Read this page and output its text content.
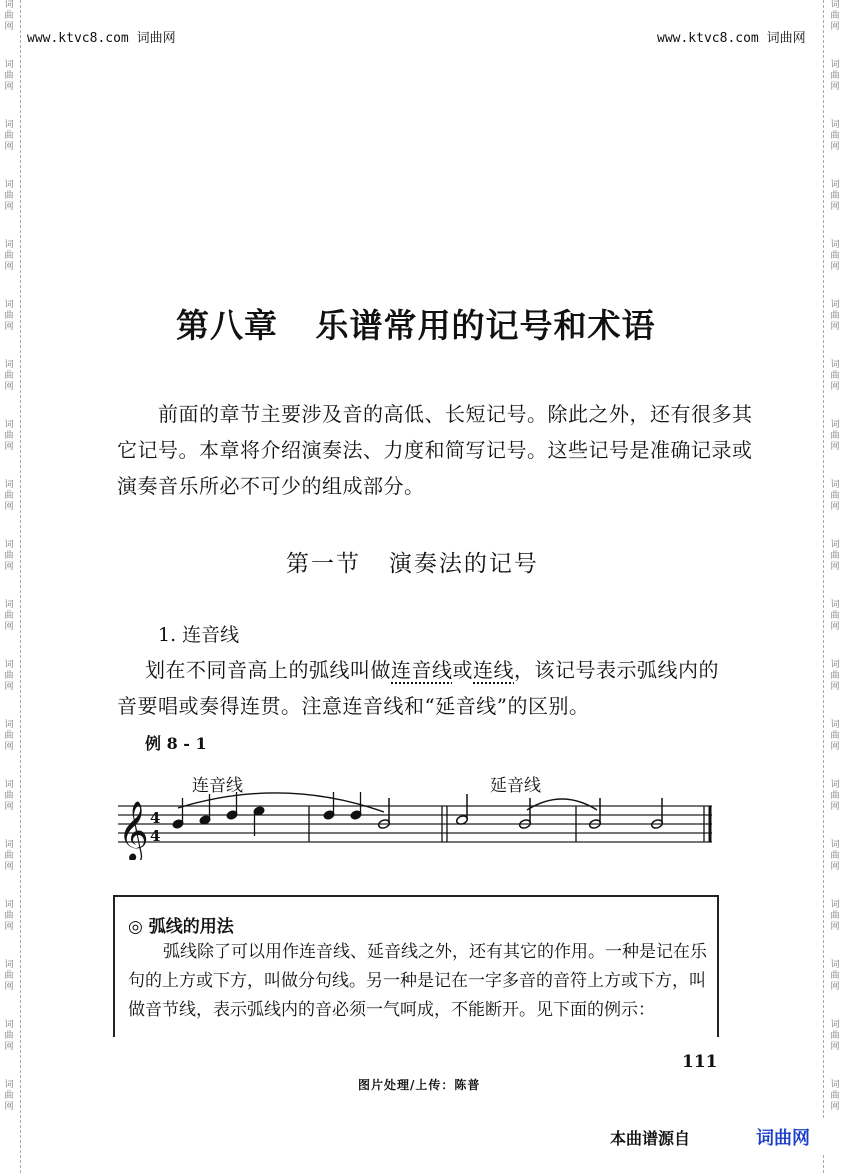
词
曲
网
词
曲
网
词
曲
网
词
曲
网
词
曲
网
词
曲
网
词
曲
网
词
曲
网
词
曲
网
词
曲
网
词
曲
网
词
曲
网
词
曲
网
词
曲
网
词
曲
网
词
曲
网
词
曲
网
词
曲
网
词
曲
网
词
曲
网
词
曲
网
词
曲
网
词
曲
网
词
曲
网
词
曲
网
词
曲
网
词
曲
网
词
曲
网
词
曲
网
词
曲
网
词
曲
网
词
曲
网
词
曲
网
词
曲
网
词
曲
网
词
曲
网
词
曲
网
词
曲
网
www.ktvc8.com 词曲网	www.ktvc8.com 词曲网
第八章   乐谱常用的记号和术语
前面的章节主要涉及音的高低、长短记号。除此之外，还有很多其
它记号。本章将介绍演奏法、力度和简写记号。这些记号是准确记录或
演奏音乐所必不可少的组成部分。
第一节   演奏法的记号
1. 连音线
划在不同音高上的弧线叫做连音线或连线，该记号表示弧线内的
音要唱或奏得连贯。注意连音线和“延音线”的区别。
例 8 - 1
连音线	延音线
𝄞 4
4
◎ 弧线的用法
弧线除了可以用作连音线、延音线之外，还有其它的作用。一种是记在乐
句的上方或下方，叫做分句线。另一种是记在一字多音的音符上方或下方，叫
做音节线，表示弧线内的音必须一气呵成，不能断开。见下面的例示：
111
图片处理/上传：陈普
本曲谱源自	词曲网
